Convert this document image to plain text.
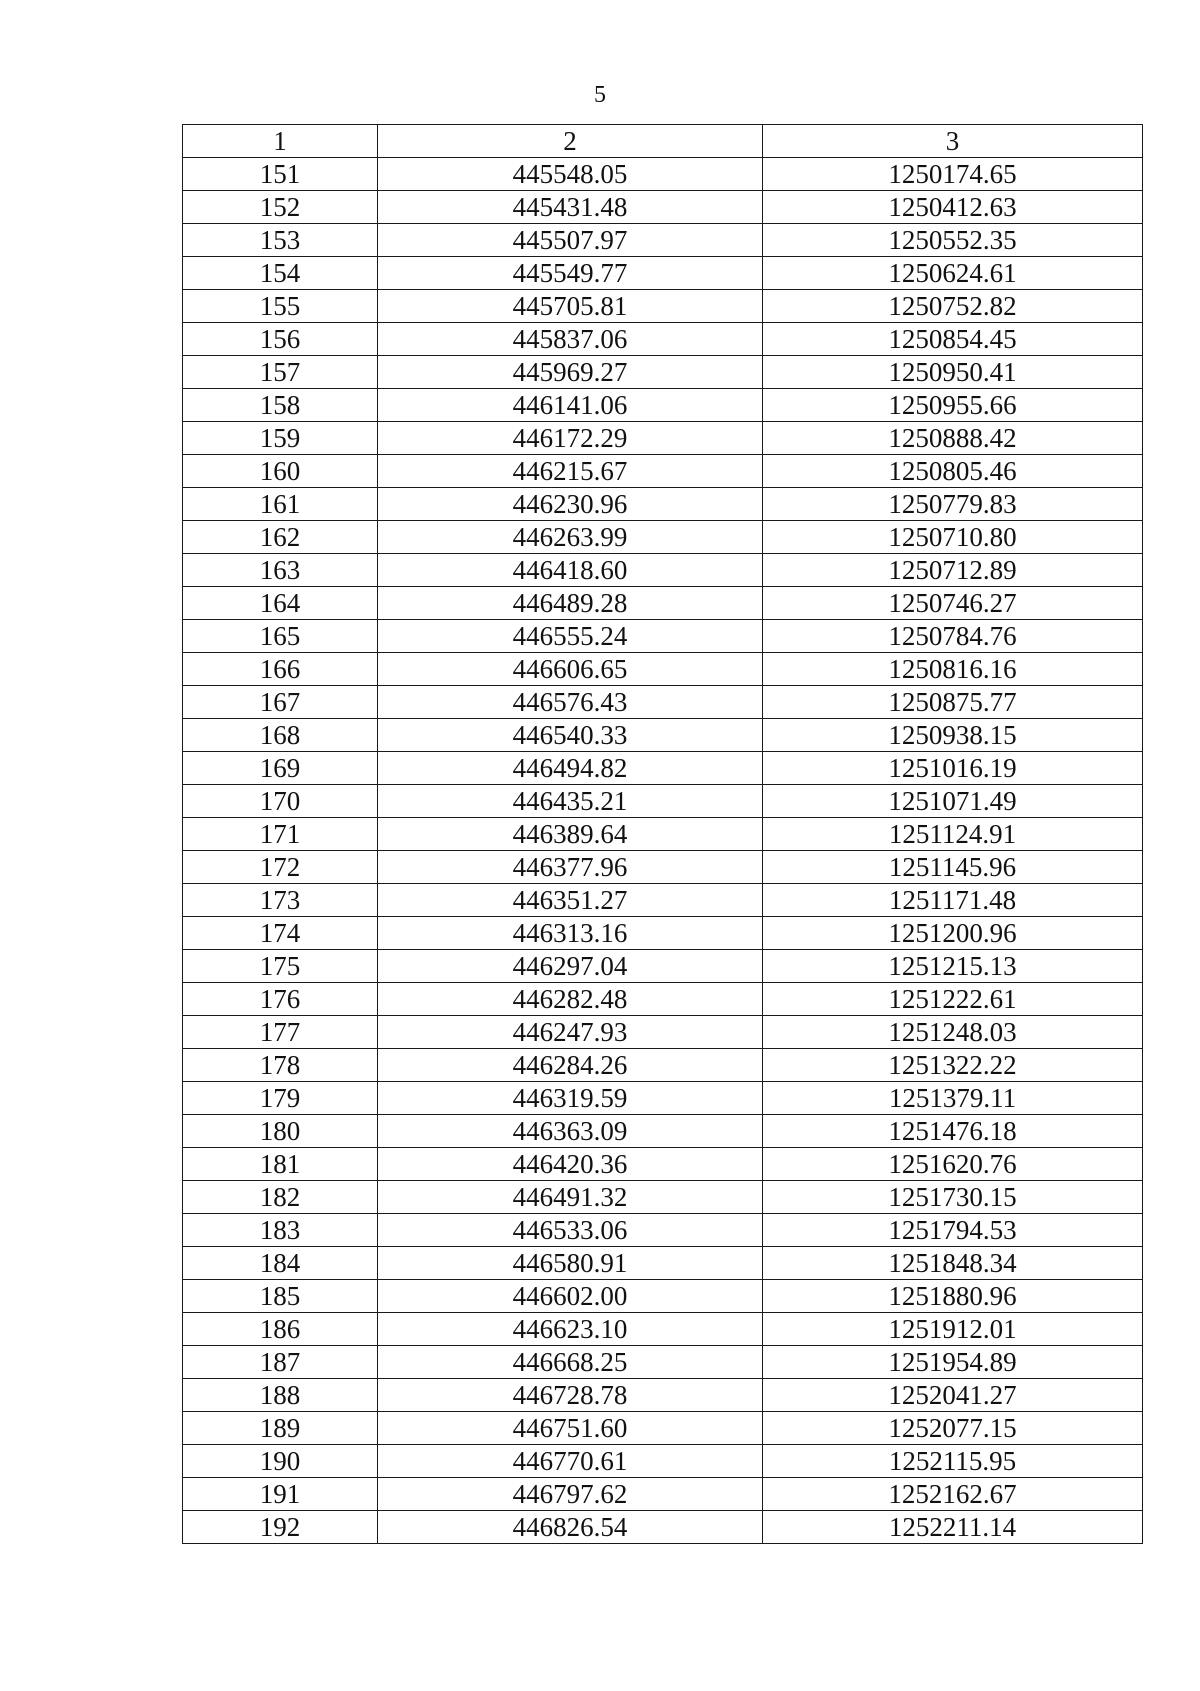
5
1	2	3
151	445548.05	1250174.65
152	445431.48	1250412.63
153	445507.97	1250552.35
154	445549.77	1250624.61
155	445705.81	1250752.82
156	445837.06	1250854.45
157	445969.27	1250950.41
158	446141.06	1250955.66
159	446172.29	1250888.42
160	446215.67	1250805.46
161	446230.96	1250779.83
162	446263.99	1250710.80
163	446418.60	1250712.89
164	446489.28	1250746.27
165	446555.24	1250784.76
166	446606.65	1250816.16
167	446576.43	1250875.77
168	446540.33	1250938.15
169	446494.82	1251016.19
170	446435.21	1251071.49
171	446389.64	1251124.91
172	446377.96	1251145.96
173	446351.27	1251171.48
174	446313.16	1251200.96
175	446297.04	1251215.13
176	446282.48	1251222.61
177	446247.93	1251248.03
178	446284.26	1251322.22
179	446319.59	1251379.11
180	446363.09	1251476.18
181	446420.36	1251620.76
182	446491.32	1251730.15
183	446533.06	1251794.53
184	446580.91	1251848.34
185	446602.00	1251880.96
186	446623.10	1251912.01
187	446668.25	1251954.89
188	446728.78	1252041.27
189	446751.60	1252077.15
190	446770.61	1252115.95
191	446797.62	1252162.67
192	446826.54	1252211.14
